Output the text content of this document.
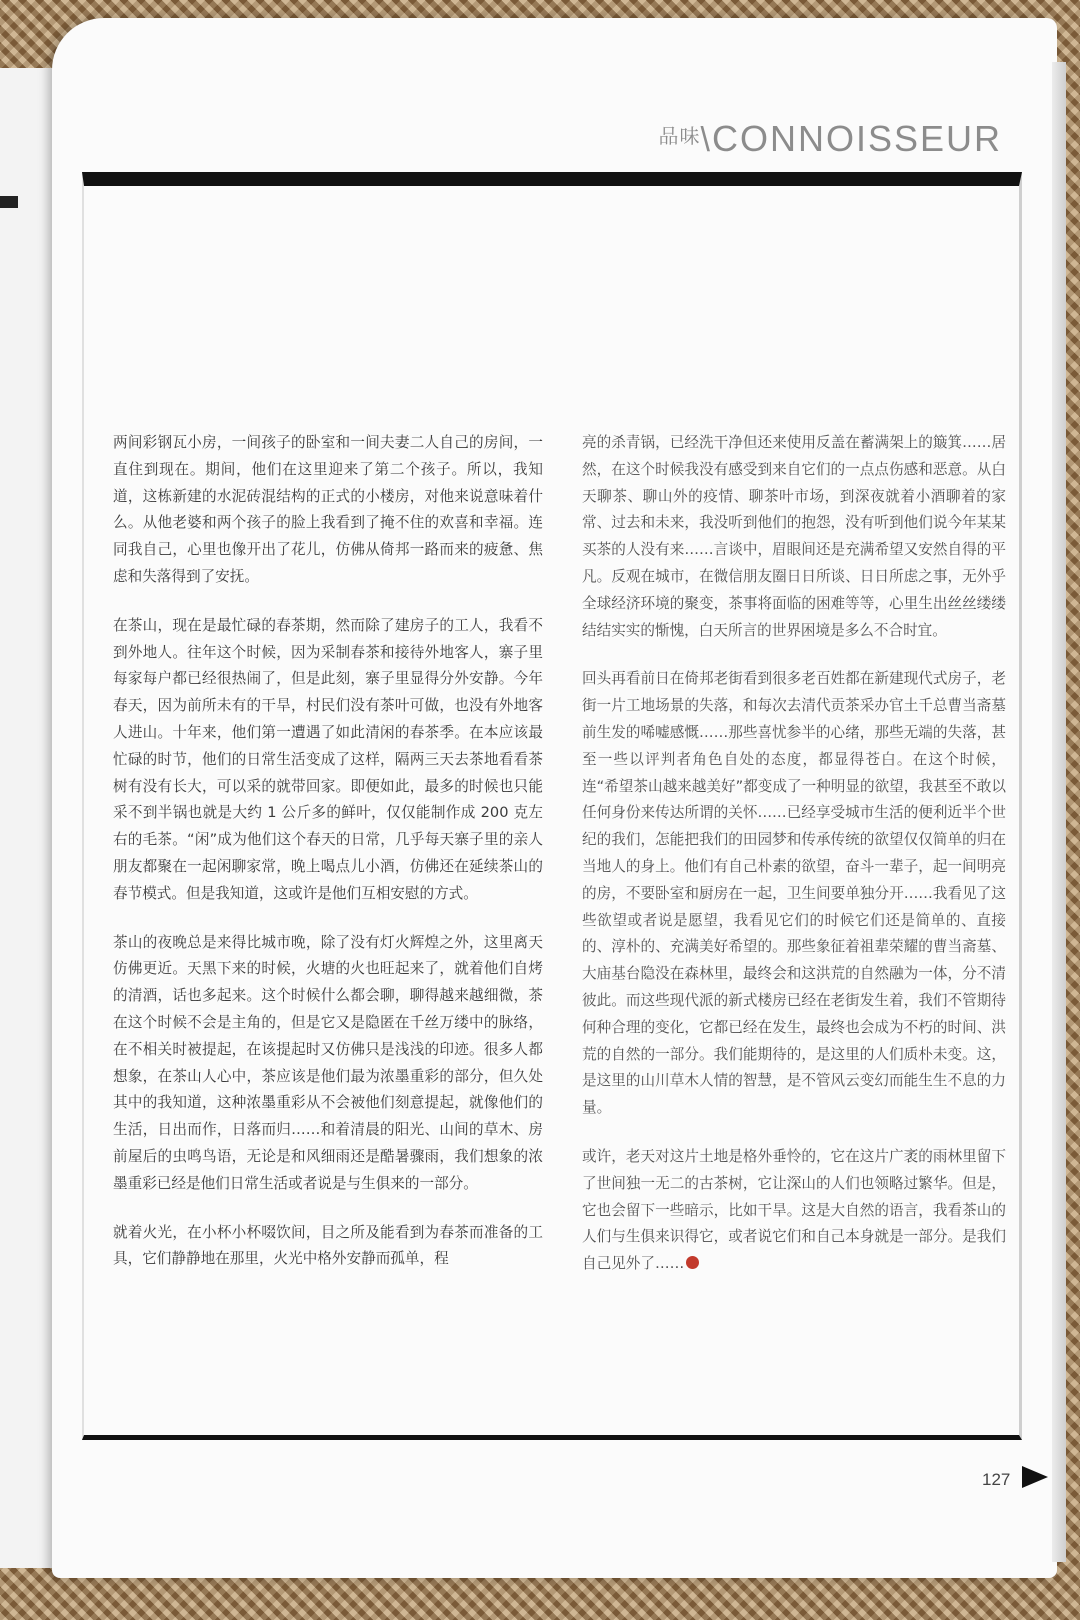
品味\CONNOISSEUR

两间彩钢瓦小房，一间孩子的卧室和一间夫妻二人自己的房间，一直住到现在。期间，他们在这里迎来了第二个孩子。所以，我知道，这栋新建的水泥砖混结构的正式的小楼房，对他来说意味着什么。从他老婆和两个孩子的脸上我看到了掩不住的欢喜和幸福。连同我自己，心里也像开出了花儿，仿佛从倚邦一路而来的疲惫、焦虑和失落得到了安抚。

在茶山，现在是最忙碌的春茶期，然而除了建房子的工人，我看不到外地人。往年这个时候，因为采制春茶和接待外地客人，寨子里每家每户都已经很热闹了，但是此刻，寨子里显得分外安静。今年春天，因为前所未有的干旱，村民们没有茶叶可做，也没有外地客人进山。十年来，他们第一遭遇了如此清闲的春茶季。在本应该最忙碌的时节，他们的日常生活变成了这样，隔两三天去茶地看看茶树有没有长大，可以采的就带回家。即便如此，最多的时候也只能采不到半锅也就是大约 1 公斤多的鲜叶，仅仅能制作成 200 克左右的毛茶。“闲”成为他们这个春天的日常，几乎每天寨子里的亲人朋友都聚在一起闲聊家常，晚上喝点儿小酒，仿佛还在延续茶山的春节模式。但是我知道，这或许是他们互相安慰的方式。

茶山的夜晚总是来得比城市晚，除了没有灯火辉煌之外，这里离天仿佛更近。天黑下来的时候，火塘的火也旺起来了，就着他们自烤的清酒，话也多起来。这个时候什么都会聊，聊得越来越细微，茶在这个时候不会是主角的，但是它又是隐匿在千丝万缕中的脉络，在不相关时被提起，在该提起时又仿佛只是浅浅的印迹。很多人都想象，在茶山人心中，茶应该是他们最为浓墨重彩的部分，但久处其中的我知道，这种浓墨重彩从不会被他们刻意提起，就像他们的生活，日出而作，日落而归……和着清晨的阳光、山间的草木、房前屋后的虫鸣鸟语，无论是和风细雨还是酷暑骤雨，我们想象的浓墨重彩已经是他们日常生活或者说是与生俱来的一部分。

就着火光，在小杯小杯啜饮间，目之所及能看到为春茶而准备的工具，它们静静地在那里，火光中格外安静而孤单，程

亮的杀青锅，已经洗干净但还来使用反盖在蓄满架上的簸箕……居然，在这个时候我没有感受到来自它们的一点点伤感和恶意。从白天聊茶、聊山外的疫情、聊茶叶市场，到深夜就着小酒聊着的家常、过去和未来，我没听到他们的抱怨，没有听到他们说今年某某买茶的人没有来……言谈中，眉眼间还是充满希望又安然自得的平凡。反观在城市，在微信朋友圈日日所谈、日日所虑之事，无外乎全球经济环境的聚变，茶事将面临的困难等等，心里生出丝丝缕缕结结实实的惭愧，白天所言的世界困境是多么不合时宜。

回头再看前日在倚邦老街看到很多老百姓都在新建现代式房子，老街一片工地场景的失落，和每次去清代贡茶采办官土千总曹当斋墓前生发的唏嘘感慨……那些喜忧参半的心绪，那些无端的失落，甚至一些以评判者角色自处的态度，都显得苍白。在这个时候，连“希望茶山越来越美好”都变成了一种明显的欲望，我甚至不敢以任何身份来传达所谓的关怀……已经享受城市生活的便利近半个世纪的我们，怎能把我们的田园梦和传承传统的欲望仅仅简单的归在当地人的身上。他们有自己朴素的欲望，奋斗一辈子，起一间明亮的房，不要卧室和厨房在一起，卫生间要单独分开……我看见了这些欲望或者说是愿望，我看见它们的时候它们还是简单的、直接的、淳朴的、充满美好希望的。那些象征着祖辈荣耀的曹当斋墓、大庙基台隐没在森林里，最终会和这洪荒的自然融为一体，分不清彼此。而这些现代派的新式楼房已经在老街发生着，我们不管期待何种合理的变化，它都已经在发生，最终也会成为不朽的时间、洪荒的自然的一部分。我们能期待的，是这里的人们质朴未变。这，是这里的山川草木人情的智慧，是不管风云变幻而能生生不息的力量。

或许，老天对这片土地是格外垂怜的，它在这片广袤的雨林里留下了世间独一无二的古茶树，它让深山的人们也领略过繁华。但是，它也会留下一些暗示，比如干旱。这是大自然的语言，我看茶山的人们与生俱来识得它，或者说它们和自己本身就是一部分。是我们自己见外了……

127
